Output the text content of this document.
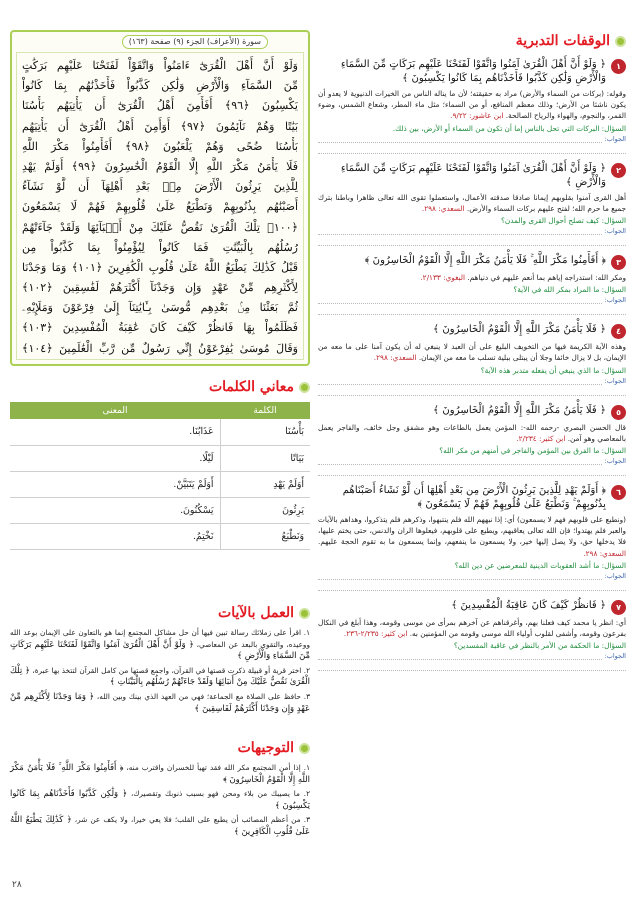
الوقفات التدبرية
١
﴿ وَلَوْ أَنَّ أَهْلَ الْقُرَىٰ آمَنُوا وَاتَّقَوْا لَفَتَحْنَا عَلَيْهِم بَرَكَاتٍ مِّنَ السَّمَاءِ وَالْأَرْضِ وَلَٰكِن كَذَّبُوا فَأَخَذْنَاهُم بِمَا كَانُوا يَكْسِبُونَ ﴾
وقوله: (بركات من السماء والأرض) مراد به حقيقته؛ لأن ما يناله الناس من الخيرات الدنيوية لا يعدو أن يكون ناشئا من الأرض؛ وذلك معظم المنافع، أو من السماء؛ مثل ماء المطر، وشعاع الشمس، وضوء القمر، والنجوم، والهواء والرياح الصالحة. ابن عاشور: ٩/٢٢.
السؤال: البركات التي تحل بالناس إما أن تكون من السماء أو الأرض، بين ذلك.
الجواب:
٢
﴿ وَلَوْ أَنَّ أَهْلَ الْقُرَىٰ آمَنُوا وَاتَّقَوْا لَفَتَحْنَا عَلَيْهِم بَرَكَاتٍ مِّنَ السَّمَاءِ وَالْأَرْضِ ﴾
أهل القرى آمنوا بقلوبهم إيمانا صادقا صدقته الأعمال، واستعملوا تقوى الله تعالى ظاهرا وباطنا بترك جميع ما حرم الله؛ لفتح عليهم بركات السماء والأرض. السعدي: ٢٩٨.
السؤال: كيف تصلح أحوال القرى والمدن؟
الجواب:
٣
﴿ أَفَأَمِنُوا مَكْرَ اللَّهِ ۚ فَلَا يَأْمَنُ مَكْرَ اللَّهِ إِلَّا الْقَوْمُ الْخَاسِرُونَ ﴾
ومكر الله: استدراجه إياهم بما أنعم عليهم في دنياهم. البغوي: ٢/١٣٣.
السؤال: ما المراد بمكر الله في الآية؟
الجواب:
٤
﴿ فَلَا يَأْمَنُ مَكْرَ اللَّهِ إِلَّا الْقَوْمُ الْخَاسِرُونَ ﴾
وهذه الآية الكريمة فيها من التخويف البليغ على أن العبد لا ينبغي له أن يكون آمنا على ما معه من الإيمان، بل لا يزال خائفا وجلا أن يبتلى ببلية تسلب ما معه من الإيمان. السعدي: ٢٩٨.
السؤال: ما الذي ينبغي أن يفعله متدبر هذه الآية؟
الجواب:
٥
﴿ فَلَا يَأْمَنُ مَكْرَ اللَّهِ إِلَّا الْقَوْمُ الْخَاسِرُونَ ﴾
قال الحسن البصري -رحمه الله-: المؤمن يعمل بالطاعات وهو مشفق وجل خائف، والفاجر يعمل بالمعاصي وهو آمن. ابن كثير: ٢/٢٣٤.
السؤال: ما الفرق بين المؤمن والفاجر في أمنهم من مكر الله؟
الجواب:
٦
﴿ أَوَلَمْ يَهْدِ لِلَّذِينَ يَرِثُونَ الْأَرْضَ مِن بَعْدِ أَهْلِهَا أَن لَّوْ نَشَاءُ أَصَبْنَاهُم بِذُنُوبِهِمْ ۚ وَنَطْبَعُ عَلَىٰ قُلُوبِهِمْ فَهُمْ لَا يَسْمَعُونَ ﴾
(ونطبع على قلوبهم فهم لا يسمعون) أي: إذا نبههم الله فلم ينتبهوا، وذكرهم فلم يتذكروا، وهداهم بالآيات والعبر فلم يهتدوا؛ فإن الله تعالى يعاقبهم، ويطبع على قلوبهم، فيعلوها الران والدنس، حتى يختم عليها، فلا يدخلها حق، ولا يصل إليها خير، ولا يسمعون ما ينفعهم، وإنما يسمعون ما به تقوم الحجة عليهم. السعدي: ٢٩٨.
السؤال: ما أشد العقوبات الدينية للمعرضين عن دين الله؟
الجواب:
٧
﴿ فَانظُرْ كَيْفَ كَانَ عَاقِبَةُ الْمُفْسِدِينَ ﴾
أي: انظر يا محمد كيف فعلنا بهم، وأغرقناهم عن آخرهم بمرأى من موسى وقومه، وهذا أبلغ في النكال بفرعون وقومه، وأشفى لقلوب أولياء الله موسى وقومه من المؤمنين به. ابن كثير: ٢/٢٣٥-٢٣٦.
السؤال: ما الحكمة من الأمر بالنظر في عاقبة المفسدين؟
الجواب:
سورة (الأعراف) الجزء (٩) صفحة (١٦٣)
وَلَوْ أَنَّ أَهْلَ الْقُرَىٰٓ ءَامَنُواْ وَاتَّقَوْاْ لَفَتَحْنَا عَلَيْهِم بَرَكَٰتٍ
مِّنَ السَّمَآءِ وَالْأَرْضِ وَلَٰكِن كَذَّبُواْ فَأَخَذْنَٰهُم بِمَا كَانُواْ
يَكْسِبُونَ ﴿٩٦﴾ أَفَأَمِنَ أَهْلُ الْقُرَىٰٓ أَن يَأْتِيَهُم بَأْسُنَا
بَيَٰتًا وَهُمْ نَآئِمُونَ ﴿٩٧﴾ أَوَأَمِنَ أَهْلُ الْقُرَىٰٓ أَن يَأْتِيَهُم
بَأْسُنَا ضُحًى وَهُمْ يَلْعَبُونَ ﴿٩٨﴾ أَفَأَمِنُواْ مَكْرَ اللَّهِ
فَلَا يَأْمَنُ مَكْرَ اللَّهِ إِلَّا الْقَوْمُ الْخَٰسِرُونَ ﴿٩٩﴾ أَوَلَمْ يَهْدِ
لِلَّذِينَ يَرِثُونَ الْأَرْضَ مِنۢ بَعْدِ أَهْلِهَآ أَن لَّوْ نَشَآءُ
أَصَبْنَٰهُم بِذُنُوبِهِمْ وَنَطْبَعُ عَلَىٰ قُلُوبِهِمْ فَهُمْ لَا يَسْمَعُونَ
﴿١٠٠﴾ تِلْكَ الْقُرَىٰ نَقُصُّ عَلَيْكَ مِنْ أَنۢبَآئِهَا وَلَقَدْ جَآءَتْهُمْ
رُسُلُهُم بِالْبَيِّنَٰتِ فَمَا كَانُواْ لِيُؤْمِنُواْ بِمَا كَذَّبُواْ مِن
قَبْلُ كَذَٰلِكَ يَطْبَعُ اللَّهُ عَلَىٰ قُلُوبِ الْكَٰفِرِينَ ﴿١٠١﴾ وَمَا وَجَدْنَا
لِأَكْثَرِهِم مِّنْ عَهْدٍ وَإِن وَجَدْنَآ أَكْثَرَهُمْ لَفَٰسِقِينَ ﴿١٠٢﴾
ثُمَّ بَعَثْنَا مِنۢ بَعْدِهِم مُّوسَىٰ بِـَٔايَٰتِنَآ إِلَىٰ فِرْعَوْنَ وَمَلَإِيْهِۦ
فَظَلَمُواْ بِهَا فَانظُرْ كَيْفَ كَانَ عَٰقِبَةُ الْمُفْسِدِينَ ﴿١٠٣﴾
وَقَالَ مُوسَىٰ يَٰفِرْعَوْنُ إِنِّي رَسُولٌ مِّن رَّبِّ الْعَٰلَمِينَ ﴿١٠٤﴾
معاني الكلمات
الكلمة	المعنى
بَأْسُنَا	عَذَابُنَا.
بَيَاتًا	لَيْلًا.
أَوَلَمْ يَهْدِ	أَوَلَمْ يَتَبَيَّنْ.
يَرِثُونَ	يَسْكُنُونَ.
وَنَطْبَعُ	نَخْتِمُ.
العمل بالآيات
١. اقرأ على زملائك رسالة تبين فيها أن حل مشاكل المجتمع إنما هو بالتعاون على الإيمان بوعد الله ووعيده، والتقوى بالبعد عن المعاصي، ﴿ وَلَوْ أَنَّ أَهْلَ الْقُرَىٰ آمَنُوا وَاتَّقَوْا لَفَتَحْنَا عَلَيْهِم بَرَكَاتٍ مِّنَ السَّمَاءِ وَالْأَرْضِ ﴾
٢. اختر قرية أو قبيلة ذكرت قصتها في القرآن، واجمع قصتها من كامل القرآن لتتخذ بها عبرة، ﴿ تِلْكَ الْقُرَىٰ نَقُصُّ عَلَيْكَ مِنْ أَنبَائِهَا وَلَقَدْ جَاءَتْهُمْ رُسُلُهُم بِالْبَيِّنَاتِ ﴾
٣. حافظ على الصلاة مع الجماعة؛ فهي من العهد الذي بينك وبين الله، ﴿ وَمَا وَجَدْنَا لِأَكْثَرِهِم مِّنْ عَهْدٍ وَإِن وَجَدْنَا أَكْثَرَهُمْ لَفَاسِقِينَ ﴾
التوجيهات
١. إذا أمن المجتمع مكر الله فقد تهيأ للخسران واقترب منه، ﴿ أَفَأَمِنُوا مَكْرَ اللَّهِ ۚ فَلَا يَأْمَنُ مَكْرَ اللَّهِ إِلَّا الْقَوْمُ الْخَاسِرُونَ ﴾
٢. ما يصيبك من بلاء ومحن فهو بسبب ذنوبك وتقصيرك، ﴿ وَلَٰكِن كَذَّبُوا فَأَخَذْنَاهُم بِمَا كَانُوا يَكْسِبُونَ ﴾
٣. من أعظم المصائب أن يطبع على القلب؛ فلا يعي خيرا، ولا يكف عن شر، ﴿ كَذَٰلِكَ يَطْبَعُ اللَّهُ عَلَىٰ قُلُوبِ الْكَافِرِينَ ﴾
٢٨
